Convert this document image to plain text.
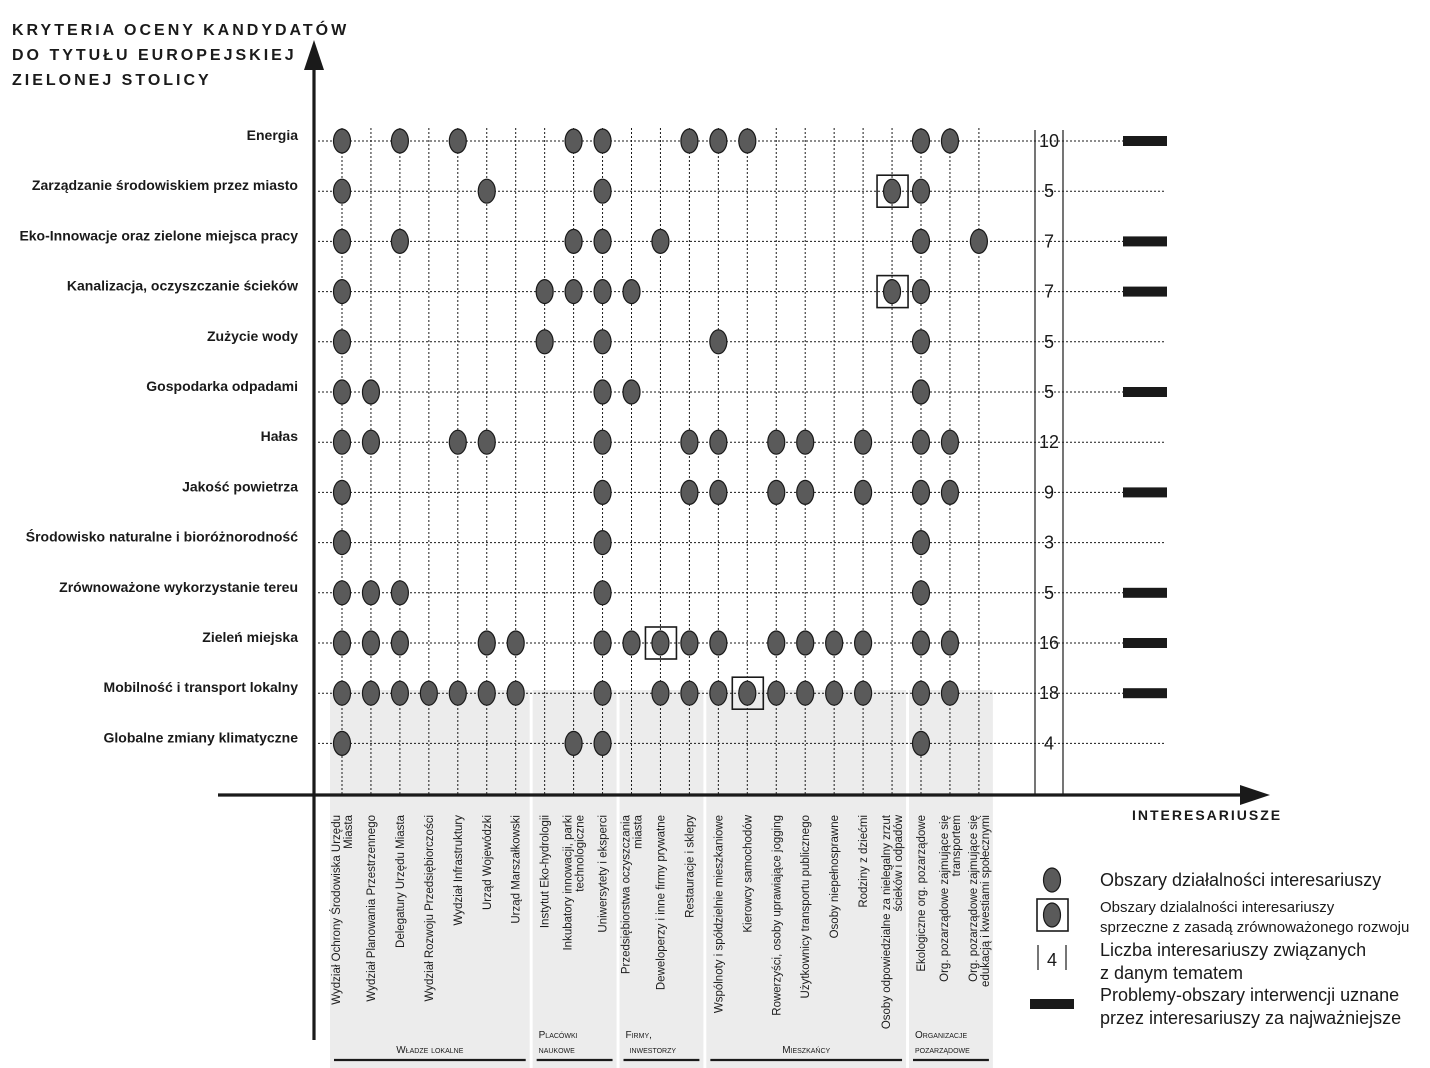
INTERESARIUSZE
KRYTERIA OCENY KANDYDATÓW
DO TYTUŁU EUROPEJSKIEJ
ZIELONEJ STOLICY
Energia
Zarządzanie środowiskiem przez miasto
Eko-Innowacje oraz zielone miejsca pracy
Kanalizacja, oczyszczanie ścieków
Zużycie wody
Gospodarka odpadami
Hałas
Jakość powietrza
Środowisko naturalne i bioróżnorodność
Zrównoważone wykorzystanie tereu
Zieleń miejska
Mobilność i transport lokalny
Globalne zmiany klimatyczne
10
5
7
7
5
5
12
9
3
5
16
18
4
Wydział Ochrony Środowiska Urzędu Miasta Wydział Planowania Przestrzennego Delegatury Urzędu Miasta Wydział Rozwoju Przedsiębiorczości Wydział Infrastruktury Urząd Wojewódzki Urząd Marszałkowski Instytut Eko-hydrologii Inkubatory innowacji, parki technologiczne Uniwersytety i eksperci Przedsiębiorstwa oczyszczania miasta Deweloperzy i inne firmy prywatne Restauracje i sklepy Wspólnoty i spółdzielnie mieszkaniowe Kierowcy samochodów Rowerzyści, osoby uprawiające jogging Użytkownicy transportu publicznego Osoby niepełnosprawne Rodziny z dziećmi Osoby odpowiedzialne za nielegalny zrzut ścieków i odpadów Ekologiczne org. pozarządowe Org. pozarządowe zajmujące się transportem Org. pozarządowe zajmujące się edukacją i kwestiami społecznymi
Władze lokalne
Placówki
naukowe
Firmy,
inwestorzy	Mieszkańcy
Organizacje
pozarządowe
Obszary działalności interesariuszy
Obszary dzialalności interesariuszy
sprzeczne z zasadą zrównoważonego rozwoju
4 Liczba interesariuszy związanych
z danym tematem
Problemy-obszary interwencji uznane
przez interesariuszy za najważniejsze
